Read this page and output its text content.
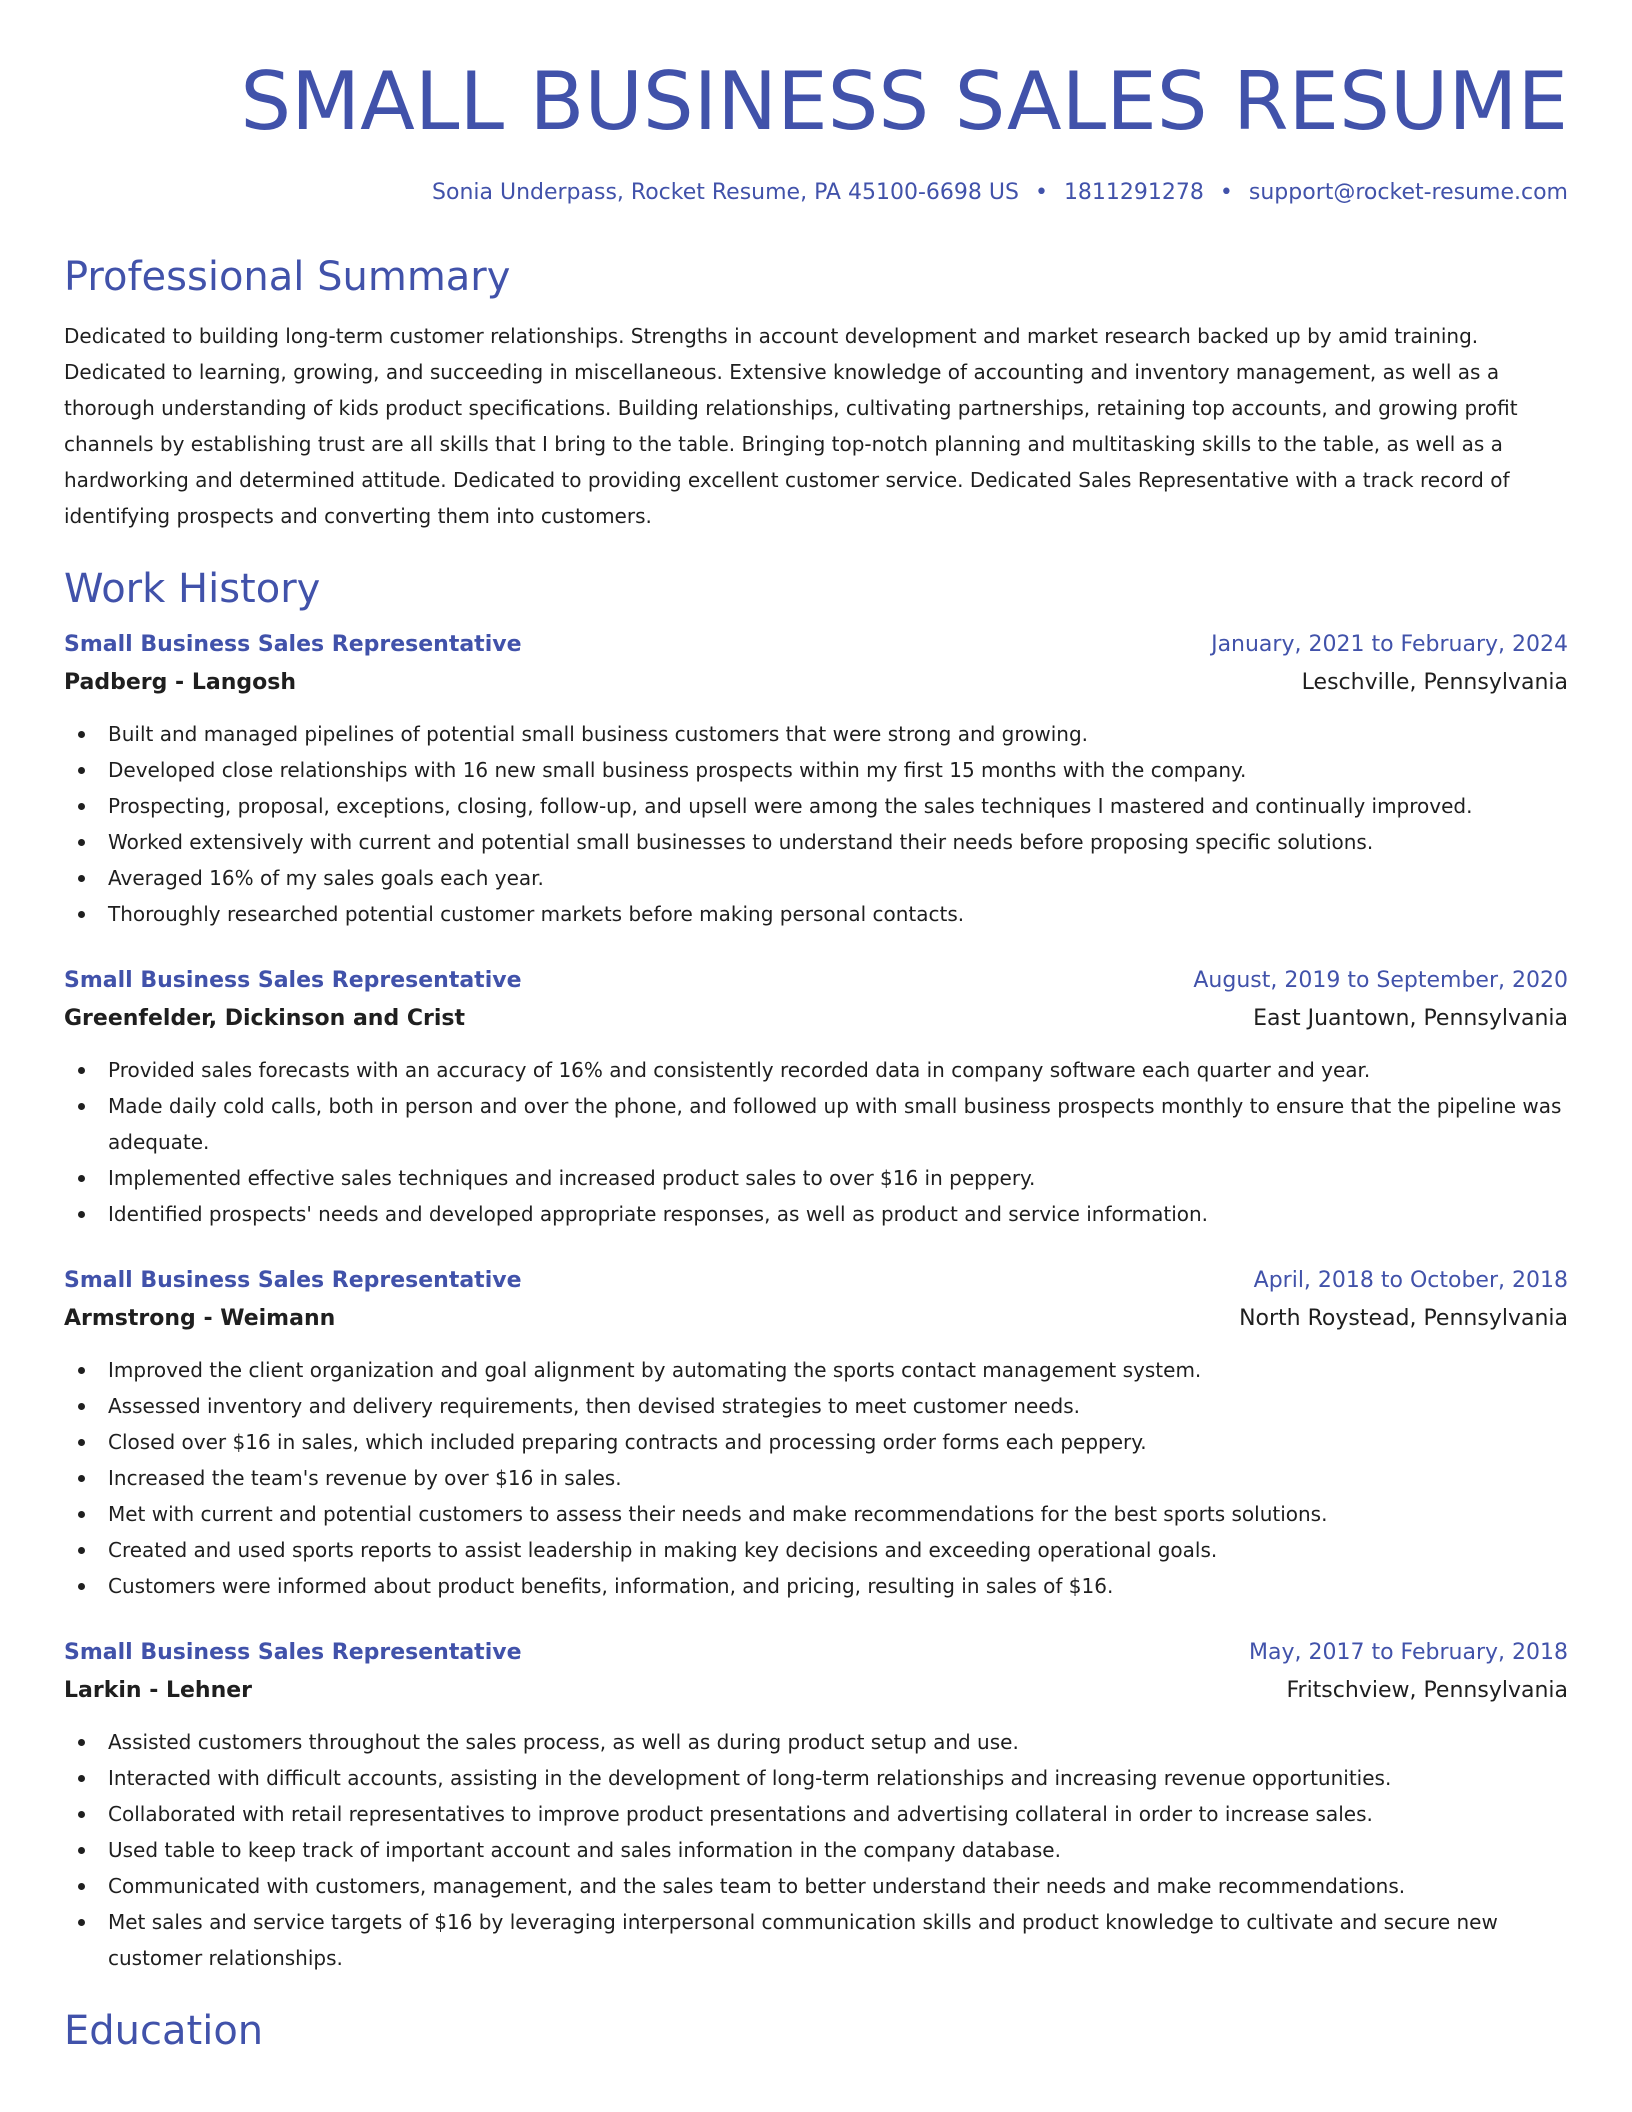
SMALL BUSINESS SALES RESUME
Sonia Underpass, Rocket Resume, PA 45100-6698 US • 1811291278 • support@rocket-resume.com
Professional Summary

Dedicated to building long-term customer relationships. Strengths in account development and market research backed up by amid training. Dedicated to learning, growing, and succeeding in miscellaneous. Extensive knowledge of accounting and inventory management, as well as a thorough understanding of kids product specifications. Building relationships, cultivating partnerships, retaining top accounts, and growing profit channels by establishing trust are all skills that I bring to the table. Bringing top-notch planning and multitasking skills to the table, as well as a hardworking and determined attitude. Dedicated to providing excellent customer service. Dedicated Sales Representative with a track record of identifying prospects and converting them into customers.

Work History
Small Business Sales Representative	January, 2021 to February, 2024
Padberg - Langosh	Leschville, Pennsylvania
Built and managed pipelines of potential small business customers that were strong and growing.
Developed close relationships with 16 new small business prospects within my first 15 months with the company.
Prospecting, proposal, exceptions, closing, follow-up, and upsell were among the sales techniques I mastered and continually improved.
Worked extensively with current and potential small businesses to understand their needs before proposing specific solutions.
Averaged 16% of my sales goals each year.
Thoroughly researched potential customer markets before making personal contacts.
Small Business Sales Representative	August, 2019 to September, 2020
Greenfelder, Dickinson and Crist	East Juantown, Pennsylvania
Provided sales forecasts with an accuracy of 16% and consistently recorded data in company software each quarter and year.
Made daily cold calls, both in person and over the phone, and followed up with small business prospects monthly to ensure that the pipeline was adequate.
Implemented effective sales techniques and increased product sales to over $16 in peppery.
Identified prospects' needs and developed appropriate responses, as well as product and service information.
Small Business Sales Representative	April, 2018 to October, 2018
Armstrong - Weimann	North Roystead, Pennsylvania
Improved the client organization and goal alignment by automating the sports contact management system.
Assessed inventory and delivery requirements, then devised strategies to meet customer needs.
Closed over $16 in sales, which included preparing contracts and processing order forms each peppery.
Increased the team's revenue by over $16 in sales.
Met with current and potential customers to assess their needs and make recommendations for the best sports solutions.
Created and used sports reports to assist leadership in making key decisions and exceeding operational goals.
Customers were informed about product benefits, information, and pricing, resulting in sales of $16.
Small Business Sales Representative	May, 2017 to February, 2018
Larkin - Lehner	Fritschview, Pennsylvania
Assisted customers throughout the sales process, as well as during product setup and use.
Interacted with difficult accounts, assisting in the development of long-term relationships and increasing revenue opportunities.
Collaborated with retail representatives to improve product presentations and advertising collateral in order to increase sales.
Used table to keep track of important account and sales information in the company database.
Communicated with customers, management, and the sales team to better understand their needs and make recommendations.
Met sales and service targets of $16 by leveraging interpersonal communication skills and product knowledge to cultivate and secure new customer relationships.
Education
